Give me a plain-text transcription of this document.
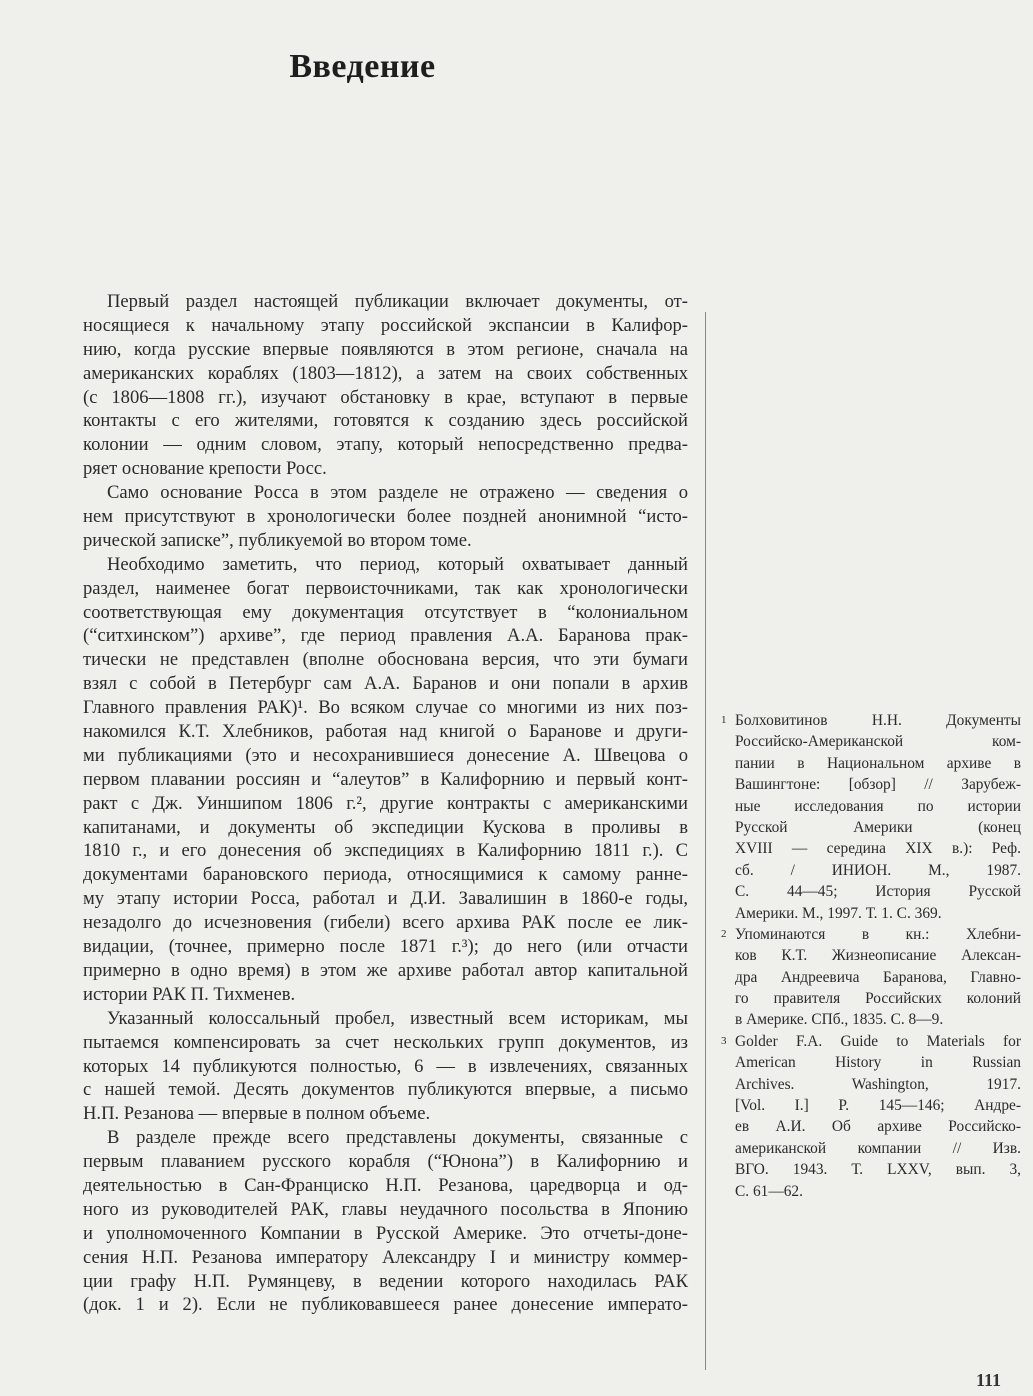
Введение
Первый раздел настоящей публикации включает документы, от-
носящиеся к начальному этапу российской экспансии в Калифор-
нию, когда русские впервые появляются в этом регионе, сначала на
американских кораблях (1803—1812), а затем на своих собственных
(с 1806—1808 гг.), изучают обстановку в крае, вступают в первые
контакты с его жителями, готовятся к созданию здесь российской
колонии — одним словом, этапу, который непосредственно предва-
ряет основание крепости Росс.
Само основание Росса в этом разделе не отражено — сведения о
нем присутствуют в хронологически более поздней анонимной “исто-
рической записке”, публикуемой во втором томе.
Необходимо заметить, что период, который охватывает данный
раздел, наименее богат первоисточниками, так как хронологически
соответствующая ему документация отсутствует в “колониальном
(“ситхинском”) архиве”, где период правления А.А. Баранова прак-
тически не представлен (вполне обоснована версия, что эти бумаги
взял с собой в Петербург сам А.А. Баранов и они попали в архив
Главного правления РАК)¹. Во всяком случае со многими из них поз-
накомился К.Т. Хлебников, работая над книгой о Баранове и други-
ми публикациями (это и несохранившиеся донесение А. Швецова о
первом плавании россиян и “алеутов” в Калифорнию и первый конт-
ракт с Дж. Уиншипом 1806 г.², другие контракты с американскими
капитанами, и документы об экспедиции Кускова в проливы в
1810 г., и его донесения об экспедициях в Калифорнию 1811 г.). С
документами барановского периода, относящимися к самому ранне-
му этапу истории Росса, работал и Д.И. Завалишин в 1860-е годы,
незадолго до исчезновения (гибели) всего архива РАК после ее лик-
видации, (точнее, примерно после 1871 г.³); до него (или отчасти
примерно в одно время) в этом же архиве работал автор капитальной
истории РАК П. Тихменев.
Указанный колоссальный пробел, известный всем историкам, мы
пытаемся компенсировать за счет нескольких групп документов, из
которых 14 публикуются полностью, 6 — в извлечениях, связанных
с нашей темой. Десять документов публикуются впервые, а письмо
Н.П. Резанова — впервые в полном объеме.
В разделе прежде всего представлены документы, связанные с
первым плаванием русского корабля (“Юнона”) в Калифорнию и
деятельностью в Сан-Франциско Н.П. Резанова, царедворца и од-
ного из руководителей РАК, главы неудачного посольства в Японию
и уполномоченного Компании в Русской Америке. Это отчеты-доне-
сения Н.П. Резанова императору Александру I и министру коммер-
ции графу Н.П. Румянцеву, в ведении которого находилась РАК
(док. 1 и 2). Если не публиковавшееся ранее донесение императо-
1 Болховитинов Н.Н. Документы
Российско-Американской ком-
пании в Национальном архиве в
Вашингтоне: [обзор] // Зарубеж-
ные исследования по истории
Русской Америки (конец
XVIII — середина XIX в.): Реф.
сб. / ИНИОН. М., 1987.
С. 44—45; История Русской
Америки. М., 1997. Т. 1. С. 369.
2 Упоминаются в кн.: Хлебни-
ков К.Т. Жизнеописание Алексан-
дра Андреевича Баранова, Главно-
го правителя Российских колоний
в Америке. СПб., 1835. С. 8—9.
3 Golder F.A. Guide to Materials for
American History in Russian
Archives. Washington, 1917.
[Vol. I.] P. 145—146; Андре-
ев А.И. Об архиве Российско-
американской компании // Изв.
ВГО. 1943. Т. LXXV, вып. 3,
С. 61—62.
111
